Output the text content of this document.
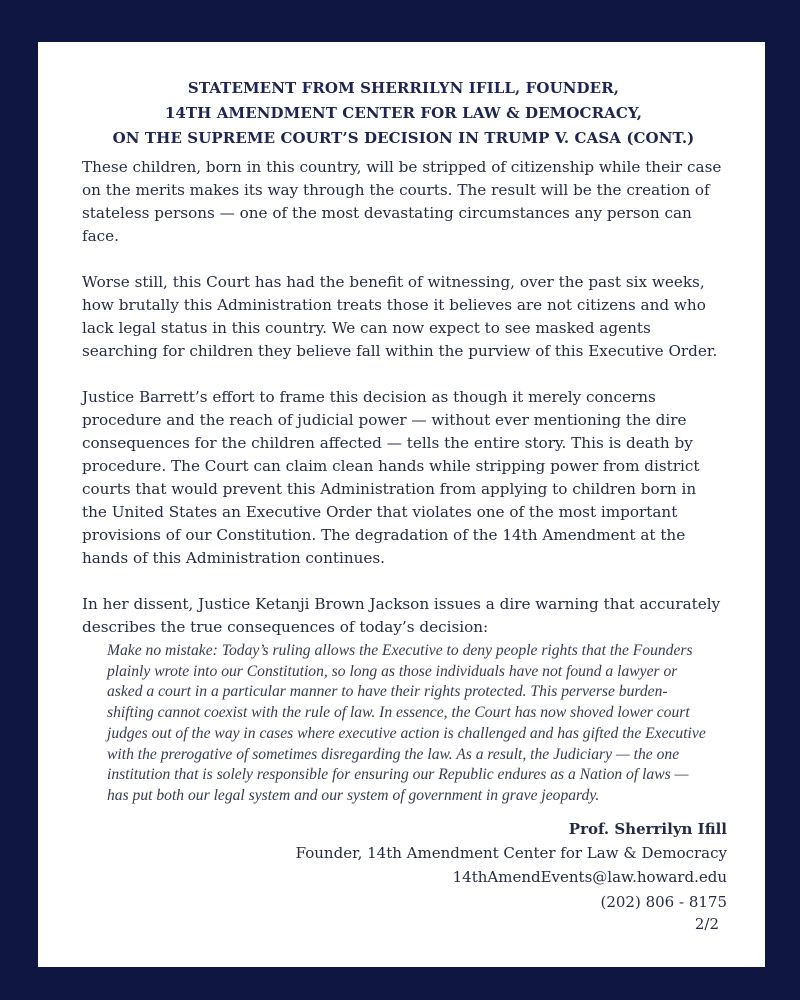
STATEMENT FROM SHERRILYN IFILL, FOUNDER,
14TH AMENDMENT CENTER FOR LAW & DEMOCRACY,
ON THE SUPREME COURT’S DECISION IN TRUMP V. CASA (CONT.)

These children, born in this country, will be stripped of citizenship while their case on the merits makes its way through the courts. The result will be the creation of stateless persons — one of the most devastating circumstances any person can face.

Worse still, this Court has had the benefit of witnessing, over the past six weeks, how brutally this Administration treats those it believes are not citizens and who lack legal status in this country. We can now expect to see masked agents searching for children they believe fall within the purview of this Executive Order.

Justice Barrett’s effort to frame this decision as though it merely concerns procedure and the reach of judicial power — without ever mentioning the dire consequences for the children affected — tells the entire story. This is death by procedure. The Court can claim clean hands while stripping power from district courts that would prevent this Administration from applying to children born in the United States an Executive Order that violates one of the most important provisions of our Constitution. The degradation of the 14th Amendment at the hands of this Administration continues.

In her dissent, Justice Ketanji Brown Jackson issues a dire warning that accurately describes the true consequences of today’s decision:

Make no mistake: Today’s ruling allows the Executive to deny people rights that the Founders plainly wrote into our Constitution, so long as those individuals have not found a lawyer or asked a court in a particular manner to have their rights protected. This perverse burden-shifting cannot coexist with the rule of law. In essence, the Court has now shoved lower court judges out of the way in cases where executive action is challenged and has gifted the Executive with the prerogative of sometimes disregarding the law. As a result, the Judiciary — the one institution that is solely responsible for ensuring our Republic endures as a Nation of laws — has put both our legal system and our system of government in grave jeopardy.
Prof. Sherrilyn Ifill
Founder, 14th Amendment Center for Law & Democracy
14thAmendEvents@law.howard.edu
(202) 806 - 8175
2/2
